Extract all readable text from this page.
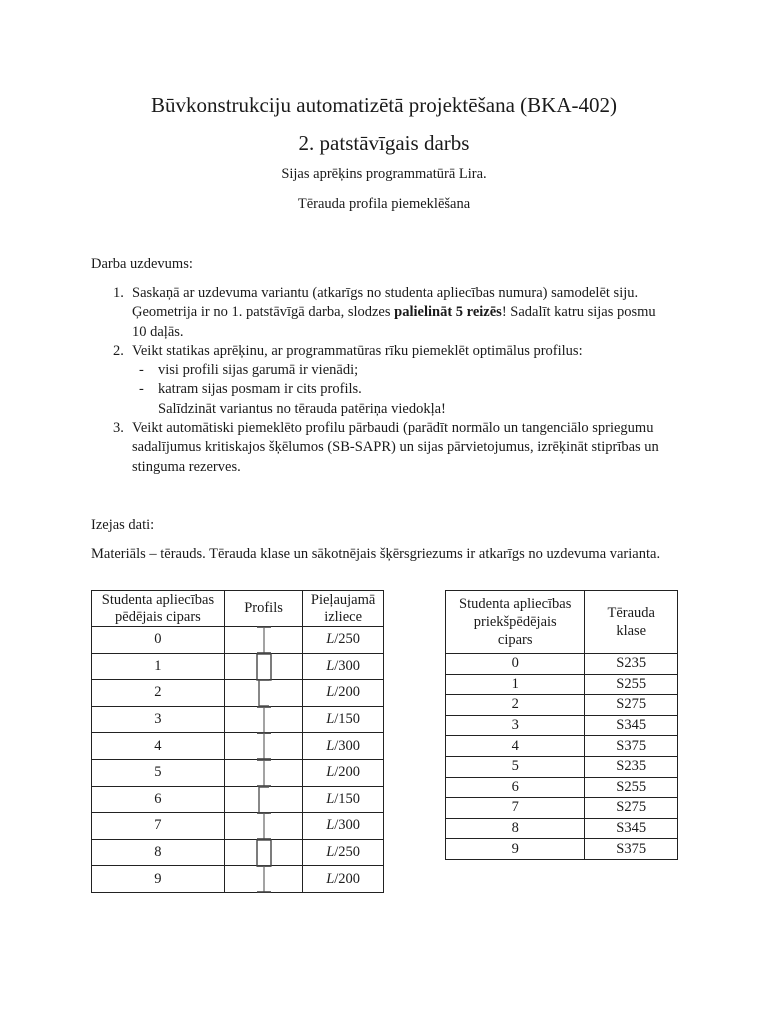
Būvkonstrukciju automatizētā projektēšana (BKA-402)
2. patstāvīgais darbs
Sijas aprēķins programmatūrā Lira.
Tērauda profila piemeklēšana
Darba uzdevums:
1. Saskaņā ar uzdevuma variantu (atkarīgs no studenta apliecības numura) samodelēt siju.
Ģeometrija ir no 1. patstāvīgā darba, slodzes palielināt 5 reizēs! Sadalīt katru sijas posmu
10 daļās.
2. Veikt statikas aprēķinu, ar programmatūras rīku piemeklēt optimālus profilus:
- visi profili sijas garumā ir vienādi;
- katram sijas posmam ir cits profils.
Salīdzināt variantus no tērauda patēriņa viedokļa!
3. Veikt automātiski piemeklēto profilu pārbaudi (parādīt normālo un tangenciālo spriegumu
sadalījumus kritiskajos šķēlumos (SB-SAPR) un sijas pārvietojumus, izrēķināt stiprības un
stinguma rezerves.
Izejas dati:
Materiāls – tērauds. Tērauda klase un sākotnējais šķērsgriezums ir atkarīgs no uzdevuma varianta.
Studenta apliecības
pēdējais cipars	Profils	Pieļaujamā
izliece
0		L/250
1		L/300
2		L/200
3		L/150
4		L/300
5		L/200
6		L/150
7		L/300
8		L/250
9		L/200
Studenta apliecības
priekšpēdējais
cipars	Tērauda
klase
0	S235
1	S255
2	S275
3	S345
4	S375
5	S235
6	S255
7	S275
8	S345
9	S375
